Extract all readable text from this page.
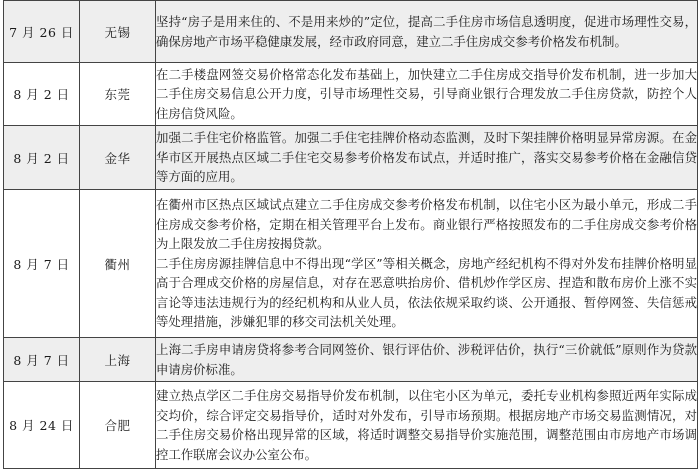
7 月 26 日	无锡	坚持“房子是用来住的、不是用来炒的”定位，提高二手住房市场信息透明度，促进市场理性交易，确保房地产市场平稳健康发展，经市政府同意，建立二手住房成交参考价格发布机制。

8 月 2 日	东莞	在二手楼盘网签交易价格常态化发布基础上，加快建立二手住房成交指导价发布机制，进一步加大二手住房交易信息公开力度，引导市场理性交易，引导商业银行合理发放二手住房贷款，防控个人住房信贷风险。

8 月 2 日	金华	加强二手住宅价格监管。加强二手住宅挂牌价格动态监测，及时下架挂牌价格明显异常房源。在金华市区开展热点区域二手住宅交易参考价格发布试点，并适时推广，落实交易参考价格在金融信贷等方面的应用。

8 月 7 日	衢州	在衢州市区热点区域试点建立二手住房成交参考价格发布机制，以住宅小区为最小单元，形成二手住房成交参考价格，定期在相关管理平台上发布。商业银行严格按照发布的二手住房成交参考价格为上限发放二手住房按揭贷款。

二手住房房源挂牌信息中不得出现“学区”等相关概念，房地产经纪机构不得对外发布挂牌价格明显高于合理成交价格的房屋信息，对存在恶意哄抬房价、借机炒作学区房、捏造和散布房价上涨不实言论等违法违规行为的经纪机构和从业人员，依法依规采取约谈、公开通报、暂停网签、失信惩戒等处理措施，涉嫌犯罪的移交司法机关处理。

8 月 7 日	上海	上海二手房申请房贷将参考合同网签价、银行评估价、涉税评估价，执行“三价就低”原则作为贷款申请房价标准。

8 月 24 日	合肥	建立热点学区二手住房交易指导价发布机制，以住宅小区为单元，委托专业机构参照近两年实际成交均价，综合评定交易指导价，适时对外发布，引导市场预期。根据房地产市场交易监测情况，对二手住房交易价格出现异常的区域，将适时调整交易指导价实施范围，调整范围由市房地产市场调控工作联席会议办公室公布。
